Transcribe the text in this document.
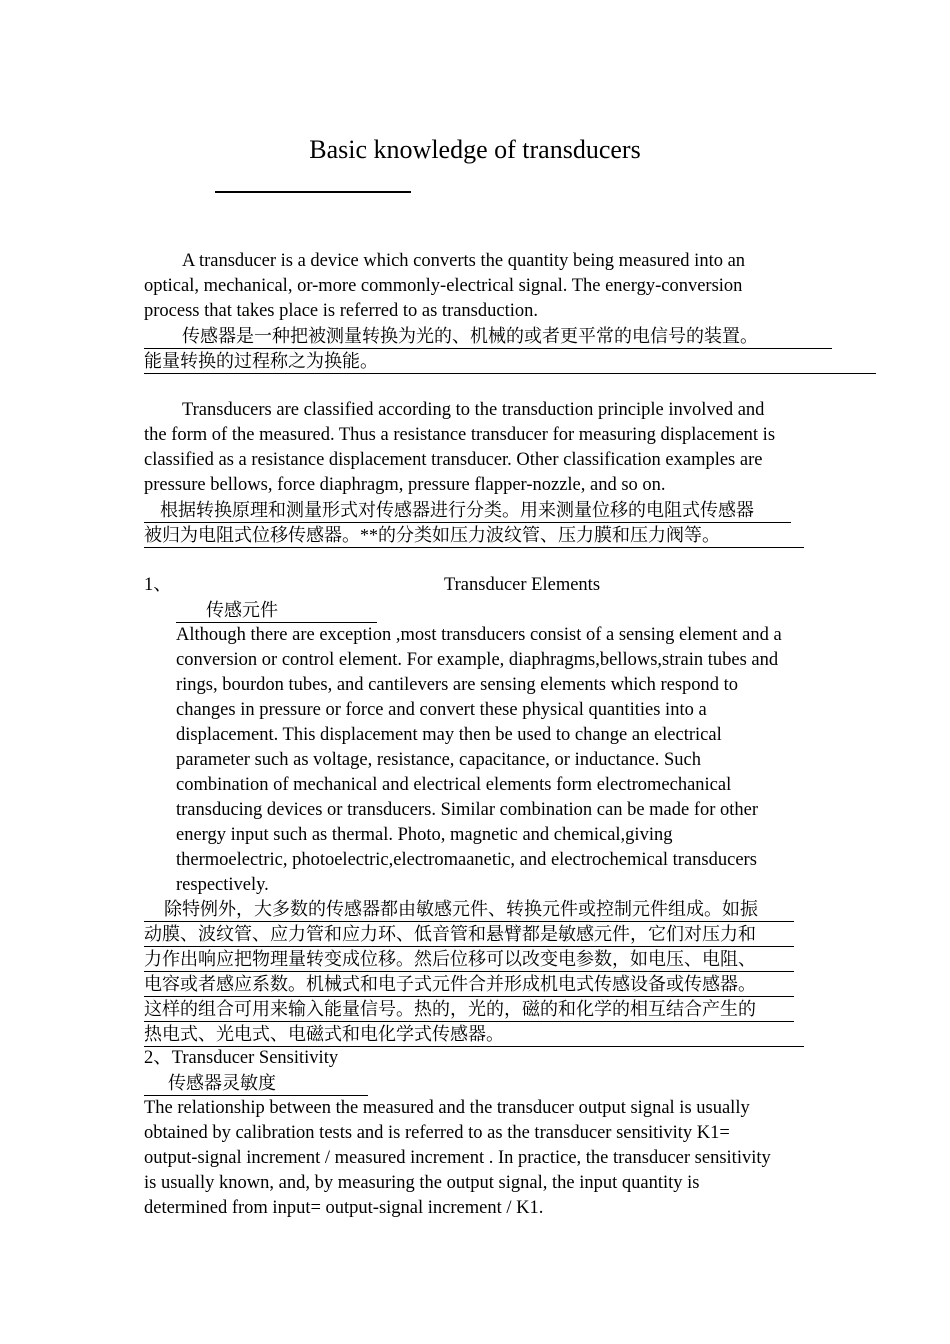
Basic knowledge of transducers
A transducer is a device which converts the quantity being measured into an
optical, mechanical, or-more commonly-electrical signal. The energy-conversion
process that takes place is referred to as transduction.
传感器是一种把被测量转换为光的、机械的或者更平常的电信号的装置。
能量转换的过程称之为换能。
Transducers are classified according to the transduction principle involved and
the form of the measured. Thus a resistance transducer for measuring displacement is
classified as a resistance displacement transducer. Other classification examples are
pressure bellows, force diaphragm, pressure flapper-nozzle, and so on.
根据转换原理和测量形式对传感器进行分类。用来测量位移的电阻式传感器
被归为电阻式位移传感器。**的分类如压力波纹管、压力膜和压力阀等。
1、	Transducer Elements
传感元件
Although there are exception ,most transducers consist of a sensing element and a
conversion or control element. For example, diaphragms,bellows,strain tubes and
rings, bourdon tubes, and cantilevers are sensing elements which respond to
changes in pressure or force and convert these physical quantities into a
displacement. This displacement may then be used to change an electrical
parameter such as voltage, resistance, capacitance, or inductance. Such
combination of mechanical and electrical elements form electromechanical
transducing devices or transducers. Similar combination can be made for other
energy input such as thermal. Photo, magnetic and chemical,giving
thermoelectric, photoelectric,electromaanetic, and electrochemical transducers
respectively.
除特例外，大多数的传感器都由敏感元件、转换元件或控制元件组成。如振
动膜、波纹管、应力管和应力环、低音管和悬臂都是敏感元件，它们对压力和
力作出响应把物理量转变成位移。然后位移可以改变电参数，如电压、电阻、
电容或者感应系数。机械式和电子式元件合并形成机电式传感设备或传感器。
这样的组合可用来输入能量信号。热的，光的，磁的和化学的相互结合产生的
热电式、光电式、电磁式和电化学式传感器。
2、Transducer Sensitivity
传感器灵敏度
The relationship between the measured and the transducer output signal is usually
obtained by calibration tests and is referred to as the transducer sensitivity K1=
output-signal increment / measured increment . In practice, the transducer sensitivity
is usually known, and, by measuring the output signal, the input quantity is
determined from input= output-signal increment / K1.
